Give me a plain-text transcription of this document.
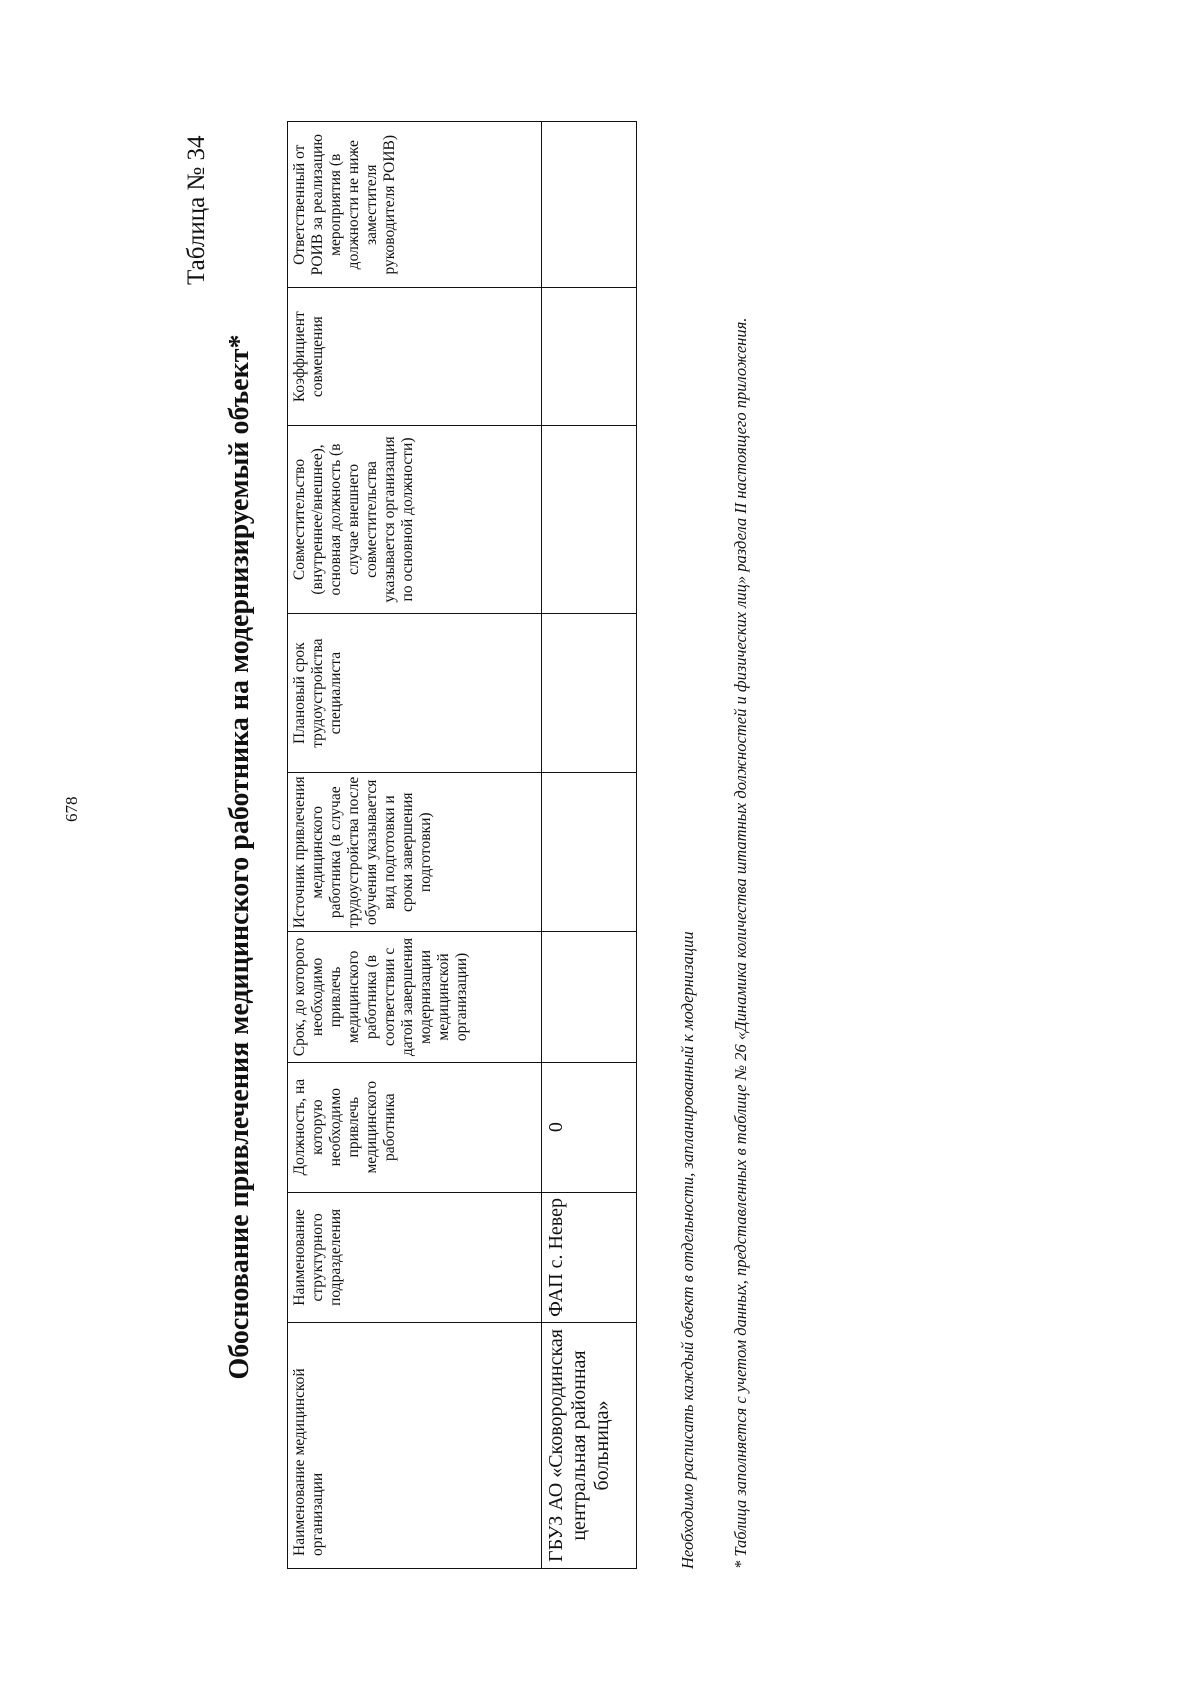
678
Таблица № 34
Обоснование привлечения медицинского работника на модернизируемый объект*
Наименование медицинской организации	Наименование структурного подразделения	Должность, на которую необходимо привлечь медицинского работника	Срок, до которого необходимо привлечь медицинского работника (в соответствии с датой завершения модернизации медицинской организации)	Источник привлечения медицинского работника (в случае трудоустройства после обучения указывается вид подготовки и сроки завершения подготовки)	Плановый срок трудоустройства специалиста	Совместительство (внутреннее/внешнее), основная должность (в случае внешнего совместительства указывается организация по основной должности)	Коэффициент совмещения	Ответственный от РОИВ за реализацию мероприятия (в должности не ниже заместителя руководителя РОИВ)
ГБУЗ АО «Сковородинская центральная районная больница»	ФАП с. Невер	0							Необходимо расписать каждый объект в отдельности, запланированный к модернизации * Таблица заполняется с учетом данных, представленных в таблице № 26 «Динамика количества штатных должностей и физических лиц» раздела II настоящего приложения.
